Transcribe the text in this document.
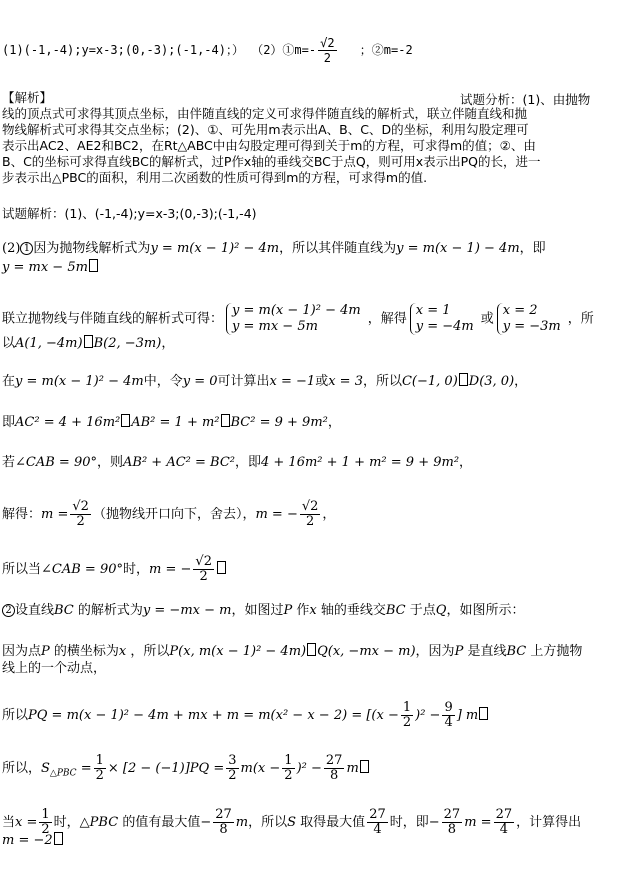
(1)(-1,-4);y=x-3;(0,-3);(-1,-4)；） （2）①m=- $\frac{√2}{2}$ ；②m=-2
【解析】	试题分析：(1)、由抛物
线的顶点式可求得其顶点坐标，由伴随直线的定义可求得伴随直线的解析式，联立伴随直线和抛
物线解析式可求得其交点坐标；(2)、①、可先用m表示出A、B、C、D的坐标，利用勾股定理可
表示出AC2、AE2和BC2，在Rt△ABC中由勾股定理可得到关于m的方程，可求得m的值；②、由
B、C的坐标可求得直线BC的解析式，过P作x轴的垂线交BC于点Q，则可用x表示出PQ的长，进一
步表示出△PBC的面积，利用二次函数的性质可得到m的方程，可求得m的值.
试题解析：(1)、(-1,-4);y=x-3;(0,-3);(-1,-4)
(2) 1 因为抛物线解析式为y = m(x − 1)² − 4m，所以其伴随直线为y = m(x − 1) − 4m，即
y = mx − 5m
联立抛物线与伴随直线的解析式可得：y = m(x − 1)² − 4m
y = mx − 5m	，解得x = 1
y = −4m 或x = 2
y = −3m ，所
以A(1, −4m) B(2, −3m)，
在y = m(x − 1)² − 4m中，令y = 0可计算出x = −1或x = 3，所以C(−1, 0) D(3, 0)，
即AC² = 4 + 16m² AB² = 1 + m² BC² = 9 + 9m²，
若∠CAB = 90°，则AB² + AC² = BC²，即4 + 16m² + 1 + m² = 9 + 9m²，
解得：$m = \frac{√2}{2}$ （抛物线开口向下，舍去），m = − $\frac{√2}{2}$ ，
所以当∠CAB = 90°时，m = − $\frac{√2}{2}$
2 设直线BC 的解析式为y = −mx − m，如图过P 作x 轴的垂线交BC 于点Q，如图所示：
因为点P 的横坐标为x ，所以P(x, m(x − 1)² − 4m) Q(x, −mx − m)，因为P 是直线BC 上方抛物
线上的一个动点，
所以PQ = m(x − 1)² − 4m + mx + $m = m(x^2 - x - 2) = [(x - \frac{1}{2} )^2 - \frac{9}{4}$ ] m
所以，$S_{\triangle PBC} = \frac{1}{2} \times [2 - (-1)]PQ = \frac{3}{2} m(x - \frac{1}{2} )^2 - \frac{27}{8}$ m
当$x = \frac{1}{2}$ 时，△PBC 的值有最大值− $\frac{27}{8}$ m，所以S 取得最大值 $\frac{27}{4}$ 时，即− $\frac{27}{8}$ $m = \frac{27}{4}$ ，计算得出
m = −2
